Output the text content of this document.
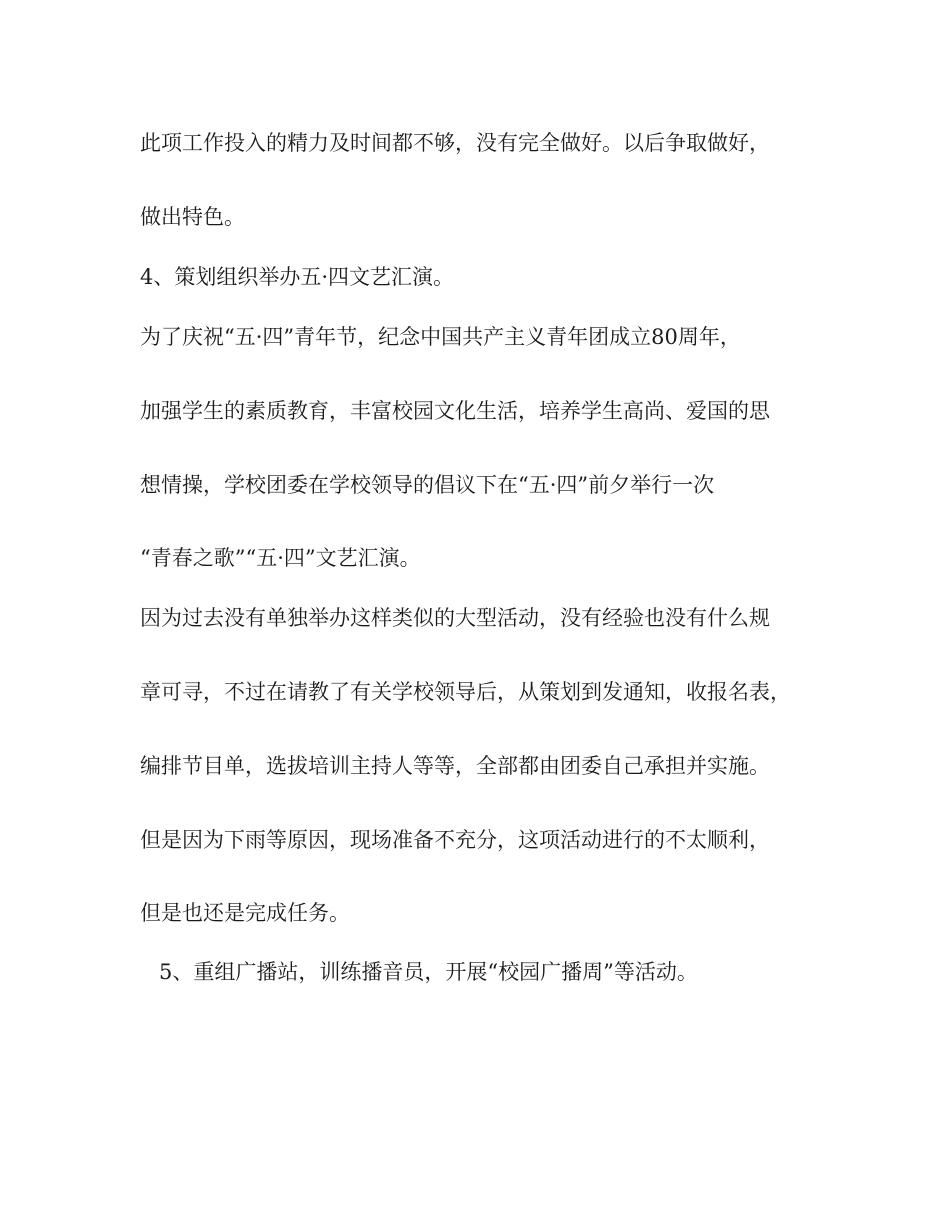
此项工作投入的精力及时间都不够，没有完全做好。以后争取做好，

做出特色。

4、策划组织举办五·四文艺汇演。

为了庆祝“五·四”青年节，纪念中国共产主义青年团成立80周年，

加强学生的素质教育，丰富校园文化生活，培养学生高尚、爱国的思

想情操，学校团委在学校领导的倡议下在“五·四”前夕举行一次

“青春之歌”“五·四”文艺汇演。

因为过去没有单独举办这样类似的大型活动，没有经验也没有什么规

章可寻，不过在请教了有关学校领导后，从策划到发通知，收报名表，

编排节目单，选拔培训主持人等等，全部都由团委自己承担并实施。

但是因为下雨等原因，现场准备不充分，这项活动进行的不太顺利，

但是也还是完成任务。

5、重组广播站，训练播音员，开展“校园广播周”等活动。
